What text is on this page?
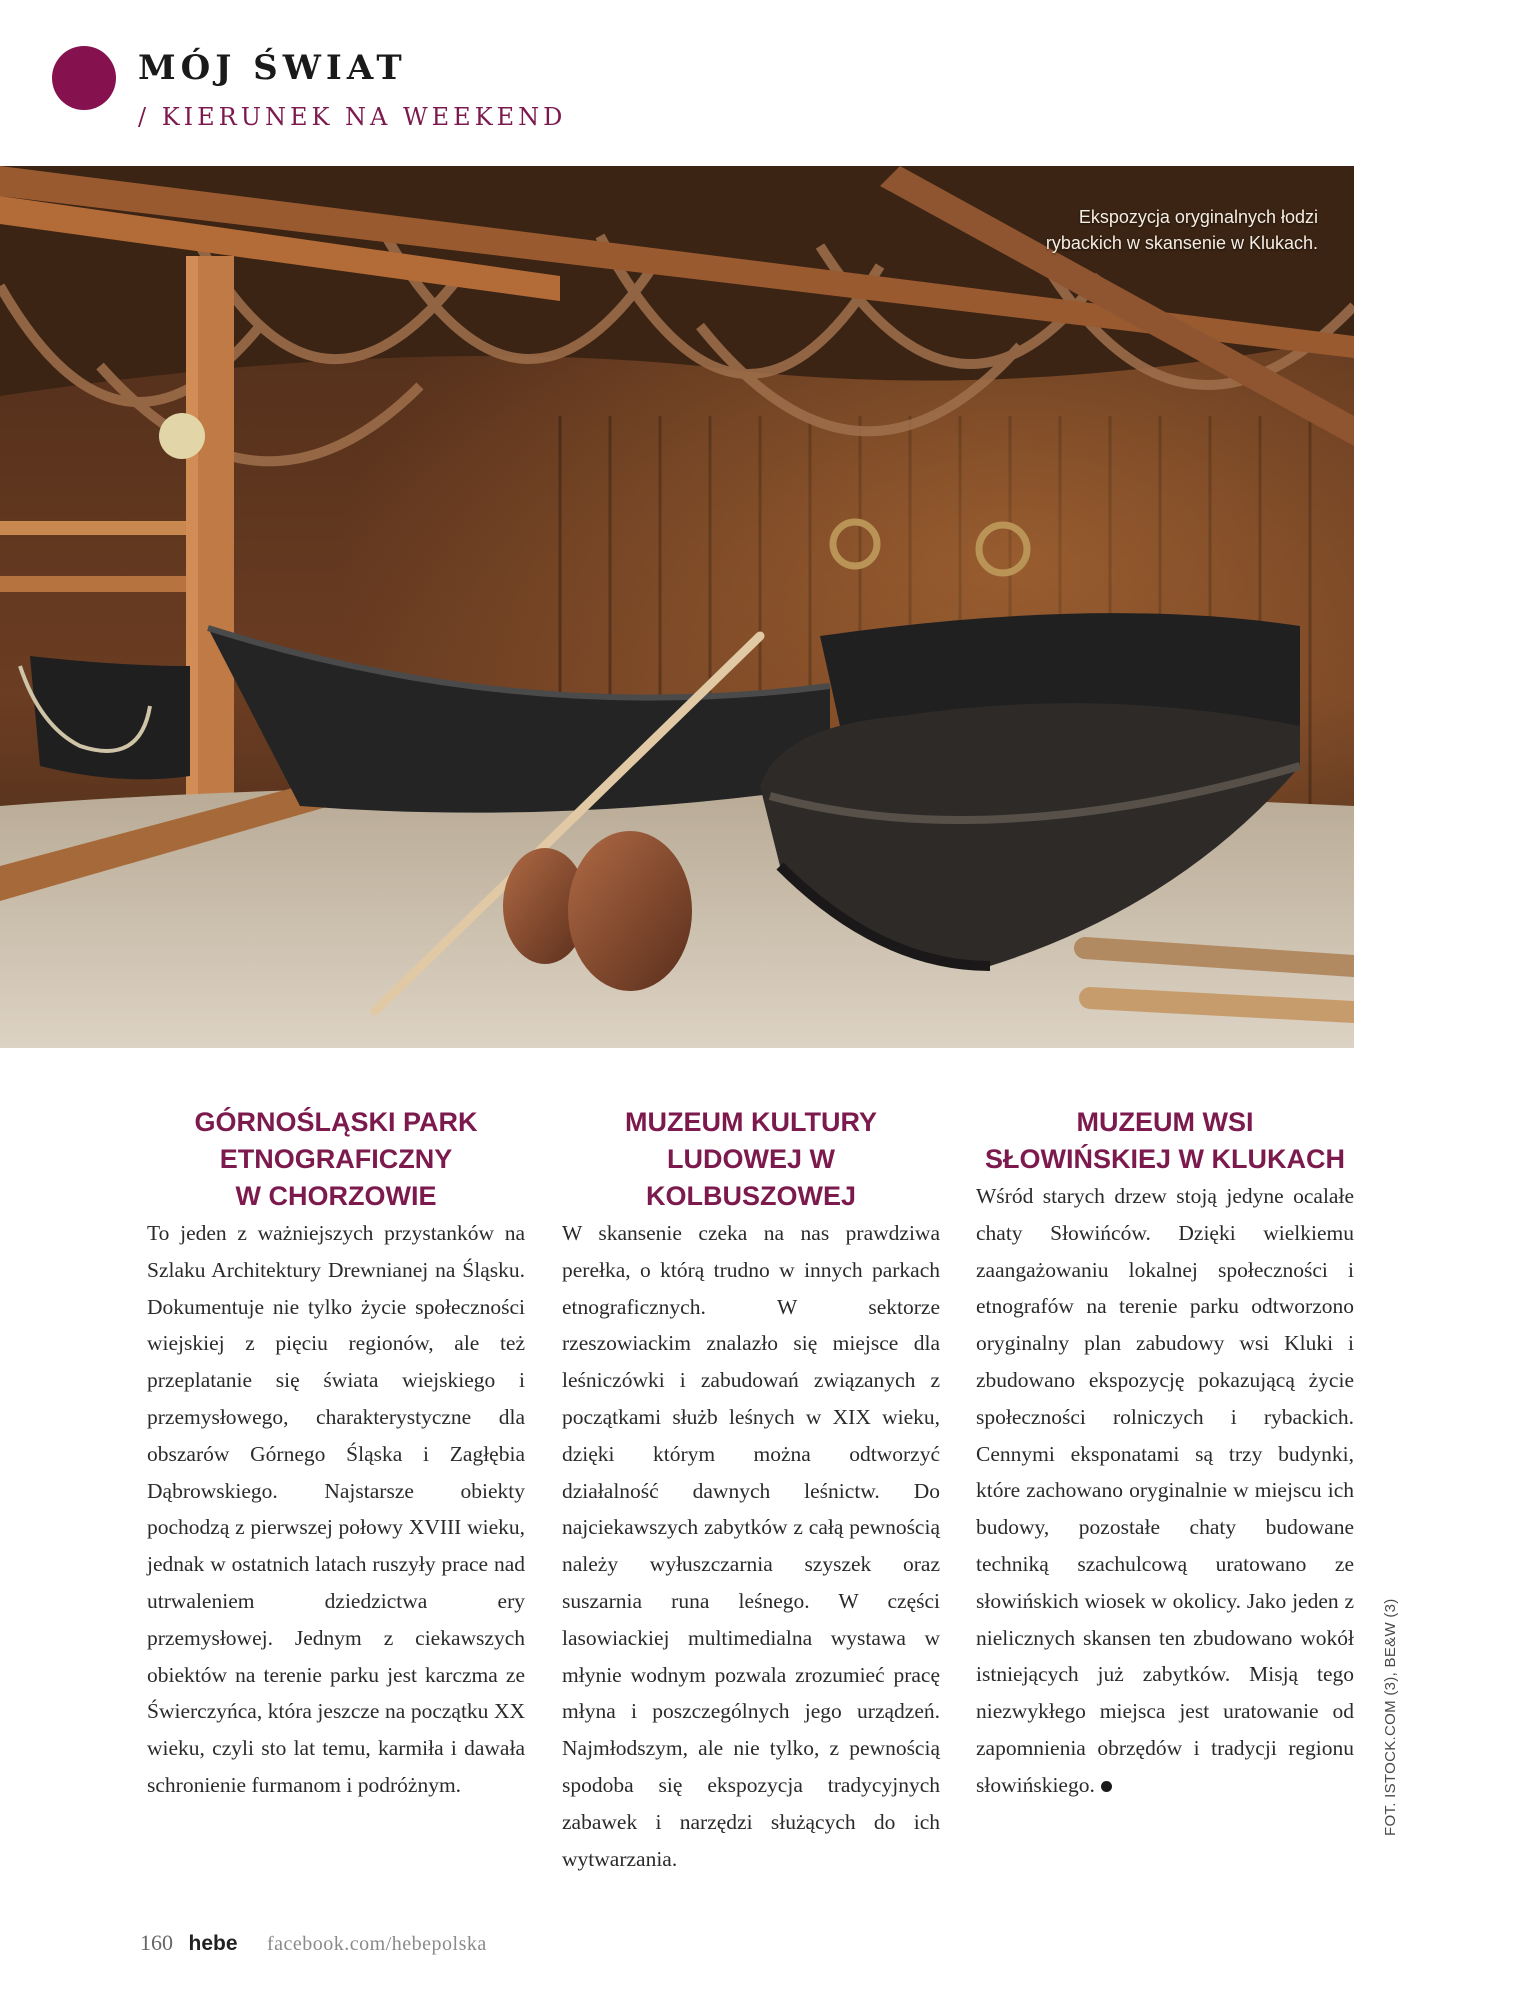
MÓJ ŚWIAT
/ KIERUNEK NA WEEKEND
Ekspozycja oryginalnych łodzi
rybackich w skansenie w Klukach.
GÓRNOŚLĄSKI PARK
ETNOGRAFICZNY
W CHORZOWIE

To jeden z ważniejszych przystanków na Szlaku Architektury Drewnianej na Śląsku. Dokumentuje nie tylko życie społeczności wiejskiej z pięciu regionów, ale też przeplatanie się świata wiejskiego i przemysłowego, charakterystyczne dla obszarów Górnego Śląska i Zagłębia Dąbrowskiego. Najstarsze obiekty pochodzą z pierwszej połowy XVIII wieku, jednak w ostatnich latach ruszyły prace nad utrwaleniem dziedzictwa ery przemysłowej. Jednym z ciekawszych obiektów na terenie parku jest karczma ze Świerczyńca, która jeszcze na początku XX wieku, czyli sto lat temu, karmiła i dawała schronienie furmanom i podróżnym.

MUZEUM KULTURY
LUDOWEJ W KOLBUSZOWEJ

W skansenie czeka na nas prawdziwa perełka, o którą trudno w innych parkach etnograficznych. W sektorze rzeszowiackim znalazło się miejsce dla leśniczówki i zabudowań związanych z początkami służb leśnych w XIX wieku, dzięki którym można odtworzyć działalność dawnych leśnictw. Do najciekawszych zabytków z całą pewnością należy wyłuszczarnia szyszek oraz suszarnia runa leśnego. W części lasowiackiej multimedialna wystawa w młynie wodnym pozwala zrozumieć pracę młyna i poszczególnych jego urządzeń. Najmłodszym, ale nie tylko, z pewnością spodoba się ekspozycja tradycyjnych zabawek i narzędzi służących do ich wytwarzania.

MUZEUM WSI
SŁOWIŃSKIEJ W KLUKACH

Wśród starych drzew stoją jedyne ocalałe chaty Słowińców. Dzięki wielkiemu zaangażowaniu lokalnej społeczności i etnografów na terenie parku odtworzono oryginalny plan zabudowy wsi Kluki i zbudowano ekspozycję pokazującą życie społeczności rolniczych i rybackich. Cennymi eksponatami są trzy budynki, które zachowano oryginalnie w miejscu ich budowy, pozostałe chaty budowane techniką szachulcową uratowano ze słowińskich wiosek w okolicy. Jako jeden z nielicznych skansen ten zbudowano wokół istniejących już zabytków. Misją tego niezwykłego miejsca jest uratowanie od zapomnienia obrzędów i tradycji regionu słowińskiego.	FOT. ISTOCK.COM (3), BE&W (3)
160 hebe facebook.com/hebepolska
